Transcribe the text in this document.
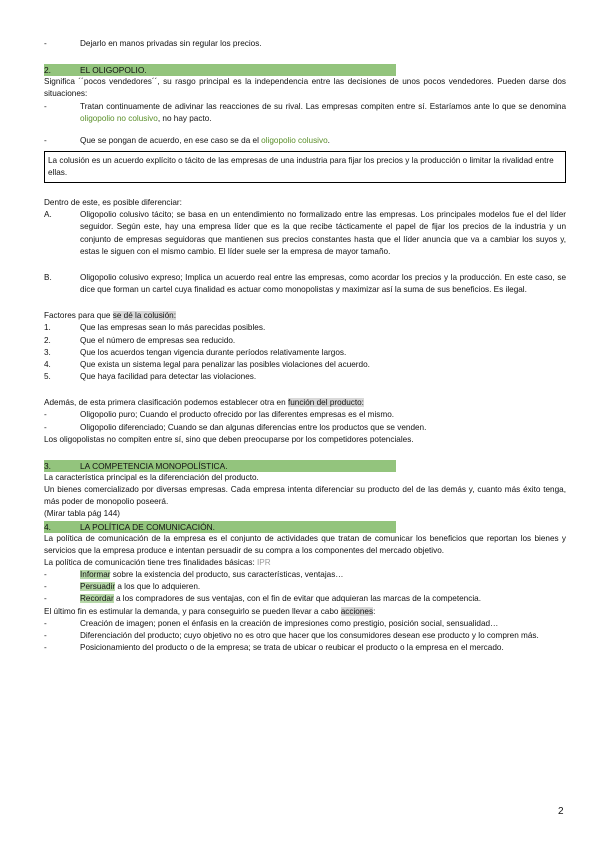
-	Dejarlo en manos privadas sin regular los precios.
2.	EL OLIGOPOLIO.
Significa ´´pocos vendedores´´, su rasgo principal es la independencia entre las decisiones de unos pocos vendedores. Pueden darse dos situaciones:
-	Tratan continuamente de adivinar las reacciones de su rival. Las empresas compiten entre sí. Estaríamos ante lo que se denomina oligopolio no colusivo, no hay pacto.
-	Que se pongan de acuerdo, en ese caso se da el oligopolio colusivo.
La colusión es un acuerdo explícito o tácito de las empresas de una industria para fijar los precios y la producción o limitar la rivalidad entre ellas.
Dentro de este, es posible diferenciar:
A.	Oligopolio colusivo tácito; se basa en un entendimiento no formalizado entre las empresas. Los principales modelos fue el del líder seguidor. Según este, hay una empresa líder que es la que recibe tácticamente el papel de fijar los precios de la industria y un conjunto de empresas seguidoras que mantienen sus precios constantes hasta que el líder anuncia que va a cambiar los suyos y, estas le siguen con el mismo cambio. El líder suele ser la empresa de mayor tamaño.
B.	Oligopolio colusivo expreso; Implica un acuerdo real entre las empresas, como acordar los precios y la producción. En este caso, se dice que forman un cartel cuya finalidad es actuar como monopolistas y maximizar así la suma de sus beneficios. Es ilegal.
Factores para que se dé la colusión:
1.	Que las empresas sean lo más parecidas posibles.
2.	Que el número de empresas sea reducido.
3.	Que los acuerdos tengan vigencia durante períodos relativamente largos.
4.	Que exista un sistema legal para penalizar las posibles violaciones del acuerdo.
5.	Que haya facilidad para detectar las violaciones.
Además, de esta primera clasificación podemos establecer otra en función del producto:
-	Oligopolio puro; Cuando el producto ofrecido por las diferentes empresas es el mismo.
-	Oligopolio diferenciado; Cuando se dan algunas diferencias entre los productos que se venden.
Los oligopolistas no compiten entre sí, sino que deben preocuparse por los competidores potenciales.
3.	LA COMPETENCIA MONOPOLÍSTICA.
La característica principal es la diferenciación del producto.
Un bienes comercializado por diversas empresas. Cada empresa intenta diferenciar su producto del de las demás y, cuanto más éxito tenga, más poder de monopolio poseerá.
(Mirar tabla pág 144)
4.	LA POLÍTICA DE COMUNICACIÓN.
La política de comunicación de la empresa es el conjunto de actividades que tratan de comunicar los beneficios que reportan los bienes y servicios que la empresa produce e intentan persuadir de su compra a los componentes del mercado objetivo.
La política de comunicación tiene tres finalidades básicas: IPR
-	Informar sobre la existencia del producto, sus características, ventajas…
-	Persuadir a los que lo adquieren.
-	Recordar a los compradores de sus ventajas, con el fin de evitar que adquieran las marcas de la competencia.
El último fin es estimular la demanda, y para conseguirlo se pueden llevar a cabo acciones:
-	Creación de imagen; ponen el énfasis en la creación de impresiones como prestigio, posición social, sensualidad…
-	Diferenciación del producto; cuyo objetivo no es otro que hacer que los consumidores desean ese producto y lo compren más.
-	Posicionamiento del producto o de la empresa; se trata de ubicar o reubicar el producto o la empresa en el mercado.
2
